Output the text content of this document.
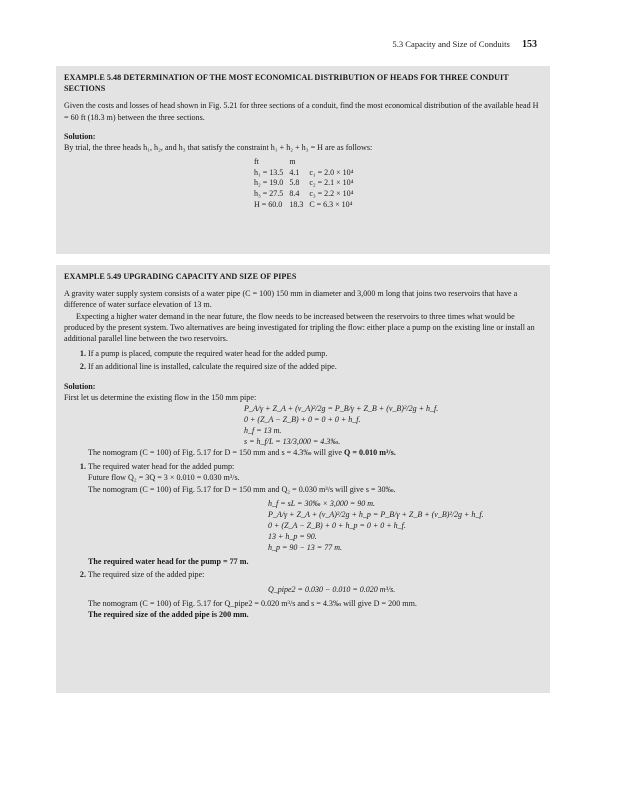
5.3 Capacity and Size of Conduits 153

EXAMPLE 5.48 DETERMINATION OF THE MOST ECONOMICAL DISTRIBUTION OF HEADS FOR THREE CONDUIT SECTIONS

Given the costs and losses of head shown in Fig. 5.21 for three sections of a conduit, find the most economical distribution of the available head H = 60 ft (18.3 m) between the three sections.

Solution:

By trial, the three heads h₁, h₂, and h₃ that satisfy the constraint h₁ + h₂ + h₃ = H are as follows:

ft	m	
h₁ = 13.5	4.1	c₁ = 2.0 × 10⁴
h₂ = 19.0	5.8	c₂ = 2.1 × 10⁴
h₃ = 27.5	8.4	c₃ = 2.2 × 10⁴
H = 60.0	18.3	C = 6.3 × 10⁴

EXAMPLE 5.49 UPGRADING CAPACITY AND SIZE OF PIPES

A gravity water supply system consists of a water pipe (C = 100) 150 mm in diameter and 3,000 m long that joins two reservoirs that have a difference of water surface elevation of 13 m.

Expecting a higher water demand in the near future, the flow needs to be increased between the reservoirs to three times what would be produced by the present system. Two alternatives are being investigated for tripling the flow: either place a pump on the existing line or install an additional parallel line between the two reservoirs.

1. If a pump is placed, compute the required water head for the added pump.
2. If an additional line is installed, calculate the required size of the added pipe.

Solution:

First let us determine the existing flow in the 150 mm pipe:

P_A/γ + Z_A + (v_A)²/2g = P_B/γ + Z_B + (v_B)²/2g + h_f.
0 + (Z_A − Z_B) + 0 = 0 + 0 + h_f.
h_f = 13 m.
s = h_f/L = 13/3,000 = 4.3‰.

The nomogram (C = 100) of Fig. 5.17 for D = 150 mm and s = 4.3‰ will give Q = 0.010 m³/s.

1. The required water head for the added pump:
Future flow Q₂ = 3Q = 3 × 0.010 = 0.030 m³/s.
The nomogram (C = 100) of Fig. 5.17 for D = 150 mm and Q₂ = 0.030 m³/s will give s = 30‰.
h_f = sL = 30‰ × 3,000 = 90 m.
P_A/γ + Z_A + (v_A)²/2g + h_p = P_B/γ + Z_B + (v_B)²/2g + h_f.
0 + (Z_A − Z_B) + 0 + h_p = 0 + 0 + h_f.
13 + h_p = 90.
h_p = 90 − 13 = 77 m.
The required water head for the pump = 77 m.
2. The required size of the added pipe:
Q_pipe2 = 0.030 − 0.010 = 0.020 m³/s.
The nomogram (C = 100) of Fig. 5.17 for Q_pipe2 = 0.020 m³/s and s = 4.3‰ will give D = 200 mm.
The required size of the added pipe is 200 mm.
